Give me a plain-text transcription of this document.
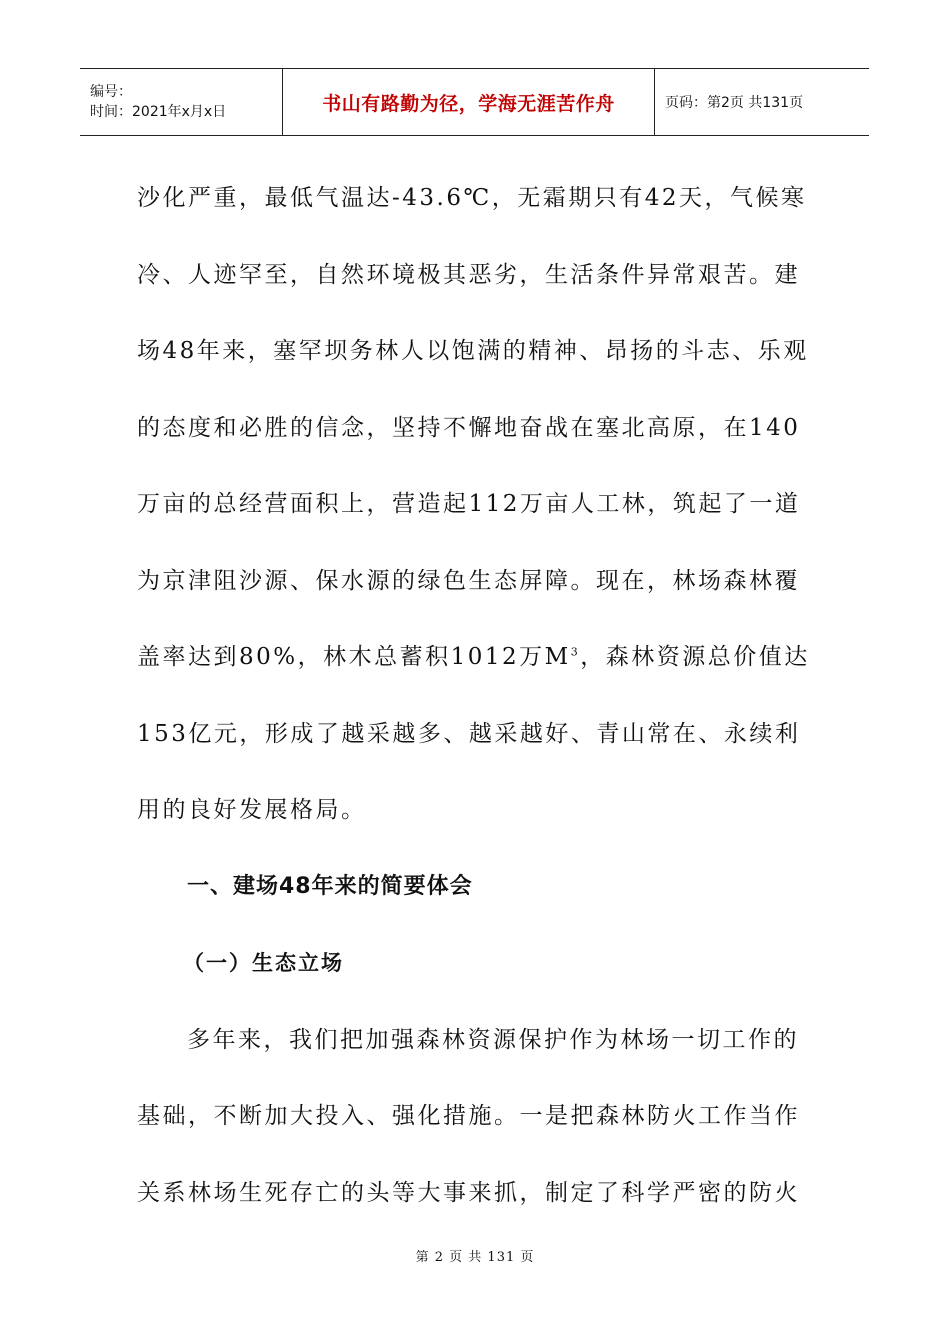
编号：
时间：2021年x月x日	书山有路勤为径，学海无涯苦作舟	页码：第2页 共131页
沙化严重，最低气温达-43.6℃，无霜期只有42天，气候寒
冷、人迹罕至，自然环境极其恶劣，生活条件异常艰苦。建
场48年来，塞罕坝务林人以饱满的精神、昂扬的斗志、乐观
的态度和必胜的信念，坚持不懈地奋战在塞北高原，在140
万亩的总经营面积上，营造起112万亩人工林，筑起了一道
为京津阻沙源、保水源的绿色生态屏障。现在，林场森林覆
盖率达到80%，林木总蓄积1012万$M^3$，森林资源总价值达
153亿元，形成了越采越多、越采越好、青山常在、永续利
用的良好发展格局。
一、建场48年来的简要体会
（一）生态立场
多年来，我们把加强森林资源保护作为林场一切工作的
基础，不断加大投入、强化措施。一是把森林防火工作当作
关系林场生死存亡的头等大事来抓，制定了科学严密的防火
第 2 页 共 131 页
